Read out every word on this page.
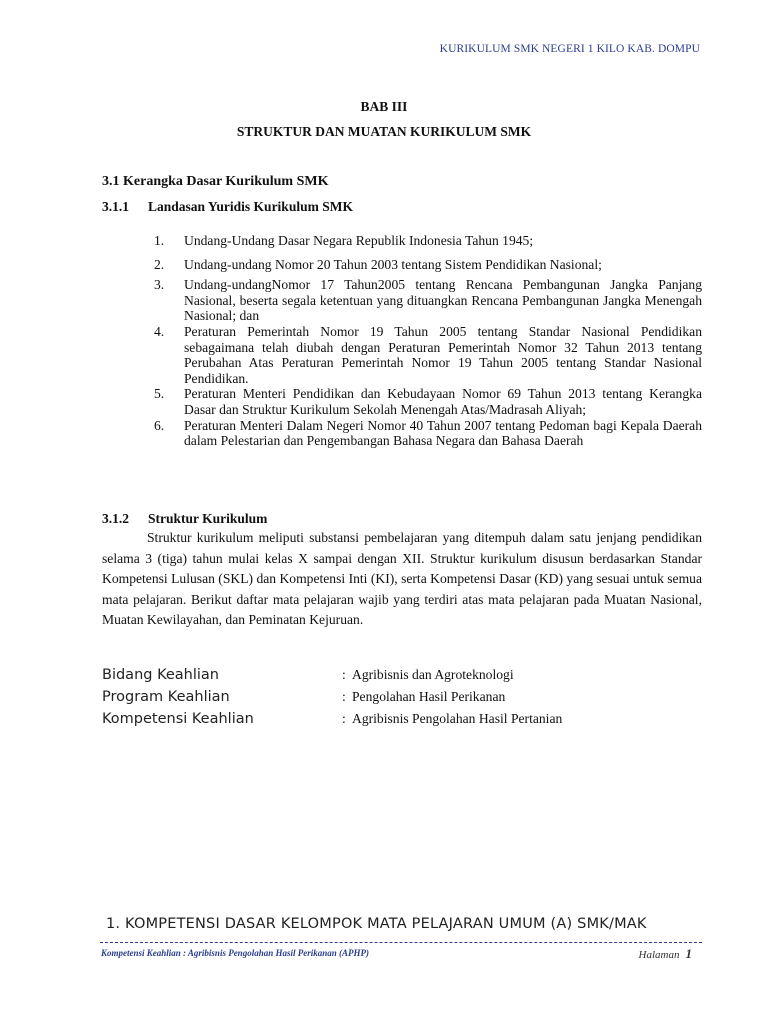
KURIKULUM SMK NEGERI 1 KILO KAB. DOMPU
BAB III
STRUKTUR DAN MUATAN KURIKULUM SMK
3.1 Kerangka Dasar Kurikulum SMK
3.1.1 Landasan Yuridis Kurikulum SMK
1. Undang-Undang Dasar Negara Republik Indonesia Tahun 1945;
2. Undang-undang Nomor 20 Tahun 2003 tentang Sistem Pendidikan Nasional;
3. Undang-undangNomor 17 Tahun2005 tentang Rencana Pembangunan Jangka Panjang Nasional, beserta segala ketentuan yang dituangkan Rencana Pembangunan Jangka Menengah Nasional; dan
4. Peraturan Pemerintah Nomor 19 Tahun 2005 tentang Standar Nasional Pendidikan sebagaimana telah diubah dengan Peraturan Pemerintah Nomor 32 Tahun 2013 tentang Perubahan Atas Peraturan Pemerintah Nomor 19 Tahun 2005 tentang Standar Nasional Pendidikan.
5. Peraturan Menteri Pendidikan dan Kebudayaan Nomor 69 Tahun 2013 tentang Kerangka Dasar dan Struktur Kurikulum Sekolah Menengah Atas/Madrasah Aliyah;
6. Peraturan Menteri Dalam Negeri Nomor 40 Tahun 2007 tentang Pedoman bagi Kepala Daerah dalam Pelestarian dan Pengembangan Bahasa Negara dan Bahasa Daerah
3.1.2 Struktur Kurikulum
Struktur kurikulum meliputi substansi pembelajaran yang ditempuh dalam satu jenjang pendidikan selama 3 (tiga) tahun mulai kelas X sampai dengan XII. Struktur kurikulum disusun berdasarkan Standar Kompetensi Lulusan (SKL) dan Kompetensi Inti (KI), serta Kompetensi Dasar (KD) yang sesuai untuk semua mata pelajaran. Berikut daftar mata pelajaran wajib yang terdiri atas mata pelajaran pada Muatan Nasional, Muatan Kewilayahan, dan Peminatan Kejuruan.
Bidang Keahlian	: Agribisnis dan Agroteknologi
Program Keahlian	: Pengolahan Hasil Perikanan
Kompetensi Keahlian	: Agribisnis Pengolahan Hasil Pertanian
1. KOMPETENSI DASAR KELOMPOK MATA PELAJARAN UMUM (A) SMK/MAK
Kompetensi Keahlian : Agribisnis Pengolahan Hasil Perikanan (APHP)	Halaman 1
